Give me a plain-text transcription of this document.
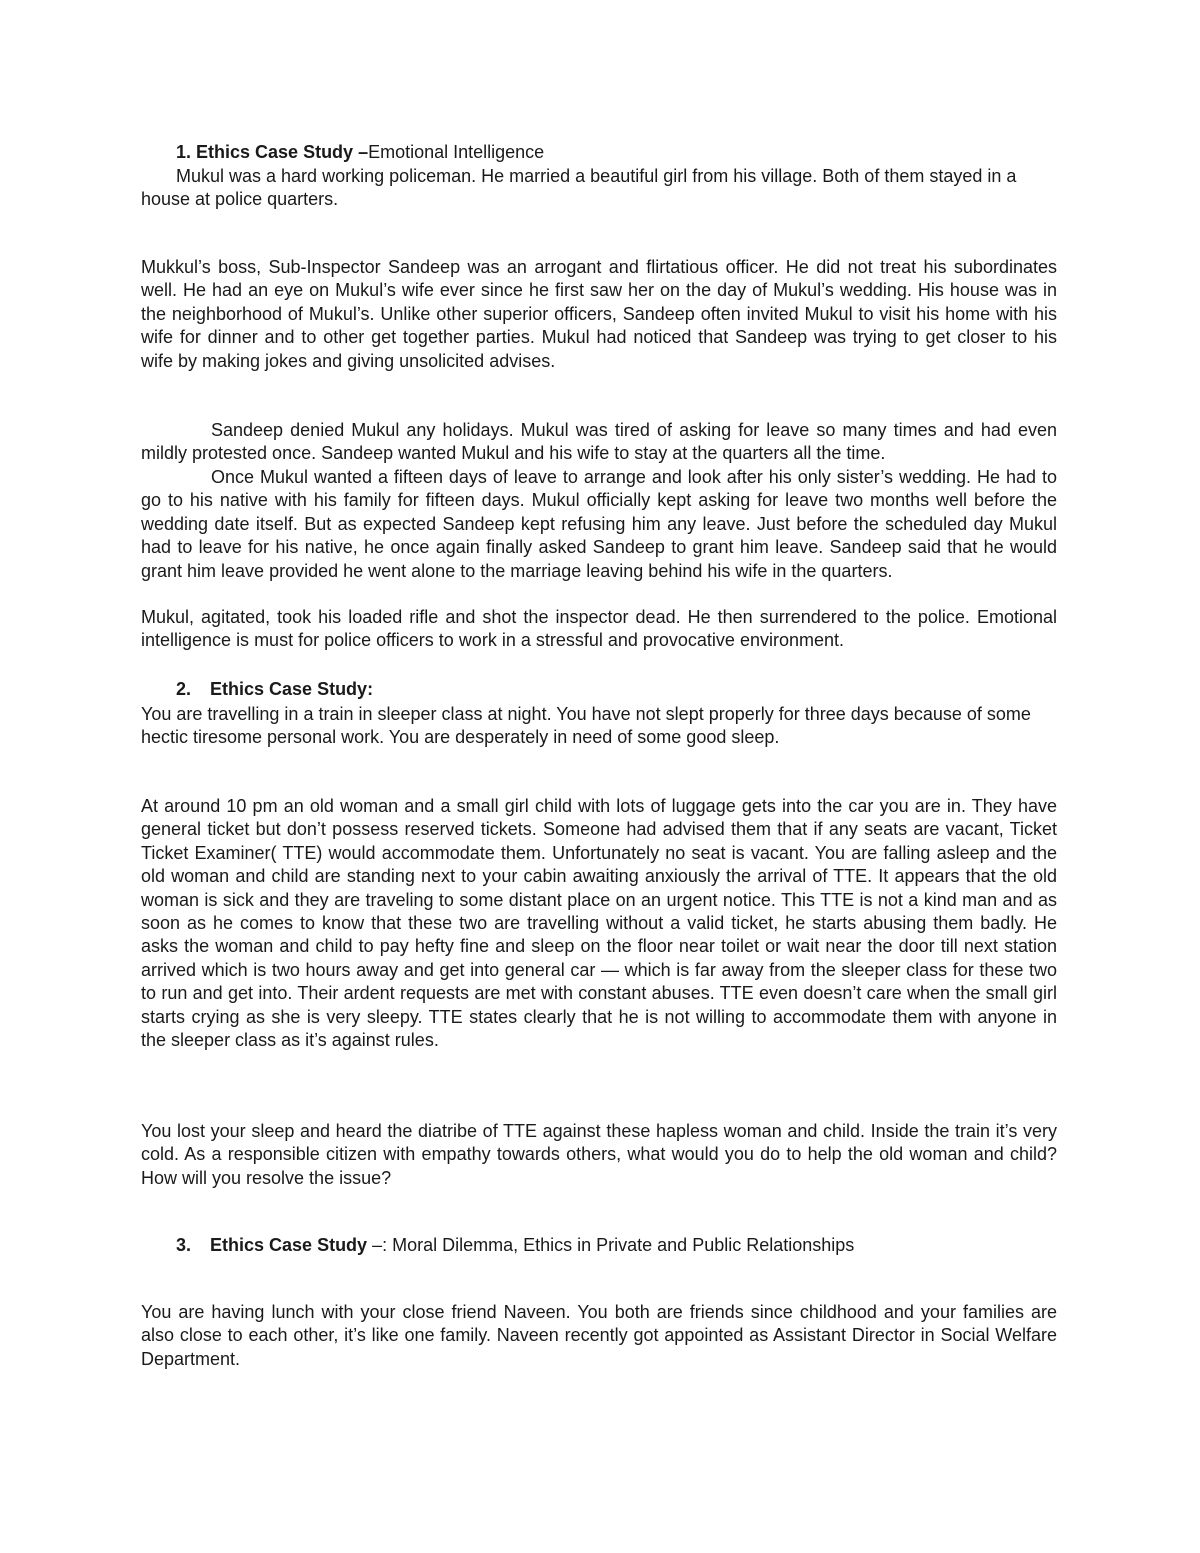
1. Ethics Case Study –Emotional Intelligence

Mukul was a hard working policeman. He married a beautiful girl from his village. Both of them stayed in a house at police quarters.

Mukkul’s boss, Sub-Inspector Sandeep was an arrogant and flirtatious officer. He did not treat his subordinates well. He had an eye on Mukul’s wife ever since he first saw her on the day of Mukul’s wedding. His house was in the neighborhood of Mukul’s. Unlike other superior officers, Sandeep often invited Mukul to visit his home with his wife for dinner and to other get together parties. Mukul had noticed that Sandeep was trying to get closer to his wife by making jokes and giving unsolicited advises.

Sandeep denied Mukul any holidays. Mukul was tired of asking for leave so many times and had even mildly protested once. Sandeep wanted Mukul and his wife to stay at the quarters all the time.

Once Mukul wanted a fifteen days of leave to arrange and look after his only sister’s wedding. He had to go to his native with his family for fifteen days. Mukul officially kept asking for leave two months well before the wedding date itself. But as expected Sandeep kept refusing him any leave. Just before the scheduled day Mukul had to leave for his native, he once again finally asked Sandeep to grant him leave. Sandeep said that he would grant him leave provided he went alone to the marriage leaving behind his wife in the quarters.

Mukul, agitated, took his loaded rifle and shot the inspector dead. He then surrendered to the police. Emotional intelligence is must for police officers to work in a stressful and provocative environment.

2. Ethics Case Study:

You are travelling in a train in sleeper class at night. You have not slept properly for three days because of some hectic tiresome personal work. You are desperately in need of some good sleep.

At around 10 pm an old woman and a small girl child with lots of luggage gets into the car you are in. They have general ticket but don’t possess reserved tickets. Someone had advised them that if any seats are vacant, Ticket Ticket Examiner( TTE) would accommodate them. Unfortunately no seat is vacant. You are falling asleep and the old woman and child are standing next to your cabin awaiting anxiously the arrival of TTE. It appears that the old woman is sick and they are traveling to some distant place on an urgent notice. This TTE is not a kind man and as soon as he comes to know that these two are travelling without a valid ticket, he starts abusing them badly. He asks the woman and child to pay hefty fine and sleep on the floor near toilet or wait near the door till next station arrived which is two hours away and get into general car — which is far away from the sleeper class for these two to run and get into. Their ardent requests are met with constant abuses. TTE even doesn’t care when the small girl starts crying as she is very sleepy. TTE states clearly that he is not willing to accommodate them with anyone in the sleeper class as it’s against rules.

You lost your sleep and heard the diatribe of TTE against these hapless woman and child. Inside the train it’s very cold. As a responsible citizen with empathy towards others, what would you do to help the old woman and child? How will you resolve the issue?

3. Ethics Case Study –: Moral Dilemma, Ethics in Private and Public Relationships

You are having lunch with your close friend Naveen. You both are friends since childhood and your families are also close to each other, it’s like one family. Naveen recently got appointed as Assistant Director in Social Welfare Department.
